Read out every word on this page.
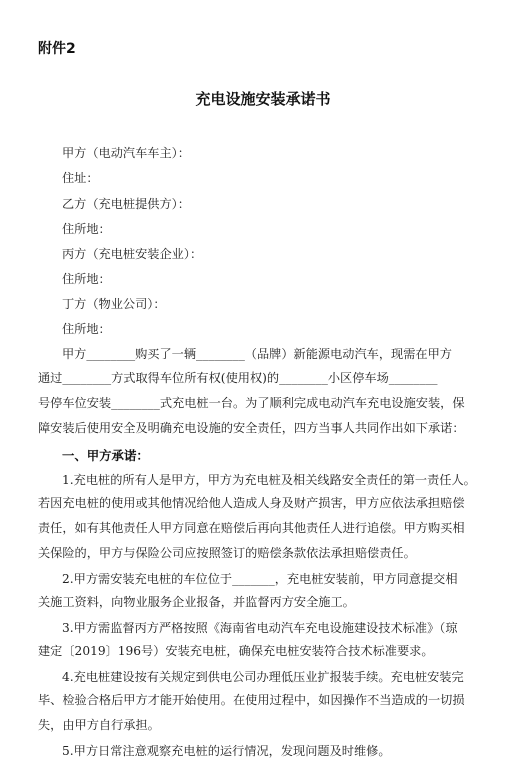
附件2
充电设施安装承诺书
甲方（电动汽车车主）：
住址：
乙方（充电桩提供方）：
住所地：
丙方（充电桩安装企业）：
住所地：
丁方（物业公司）：
住所地：
甲方________购买了一辆________（品牌）新能源电动汽车，现需在甲方
通过________方式取得车位所有权(使用权)的________小区停车场________
号停车位安装________式充电桩一台。为了顺利完成电动汽车充电设施安装，保
障安装后使用安全及明确充电设施的安全责任，四方当事人共同作出如下承诺：
一、甲方承诺：
1.充电桩的所有人是甲方，甲方为充电桩及相关线路安全责任的第一责任人。
若因充电桩的使用或其他情况给他人造成人身及财产损害，甲方应依法承担赔偿
责任，如有其他责任人甲方同意在赔偿后再向其他责任人进行追偿。甲方购买相
关保险的，甲方与保险公司应按照签订的赔偿条款依法承担赔偿责任。
2.甲方需安装充电桩的车位位于_______，充电桩安装前，甲方同意提交相
关施工资料，向物业服务企业报备，并监督丙方安全施工。
3.甲方需监督丙方严格按照《海南省电动汽车充电设施建设技术标准》（琼
建定〔2019〕196号）安装充电桩，确保充电桩安装符合技术标准要求。
4.充电桩建设按有关规定到供电公司办理低压业扩报装手续。充电桩安装完
毕、检验合格后甲方才能开始使用。在使用过程中，如因操作不当造成的一切损
失，由甲方自行承担。
5.甲方日常注意观察充电桩的运行情况，发现问题及时维修。
